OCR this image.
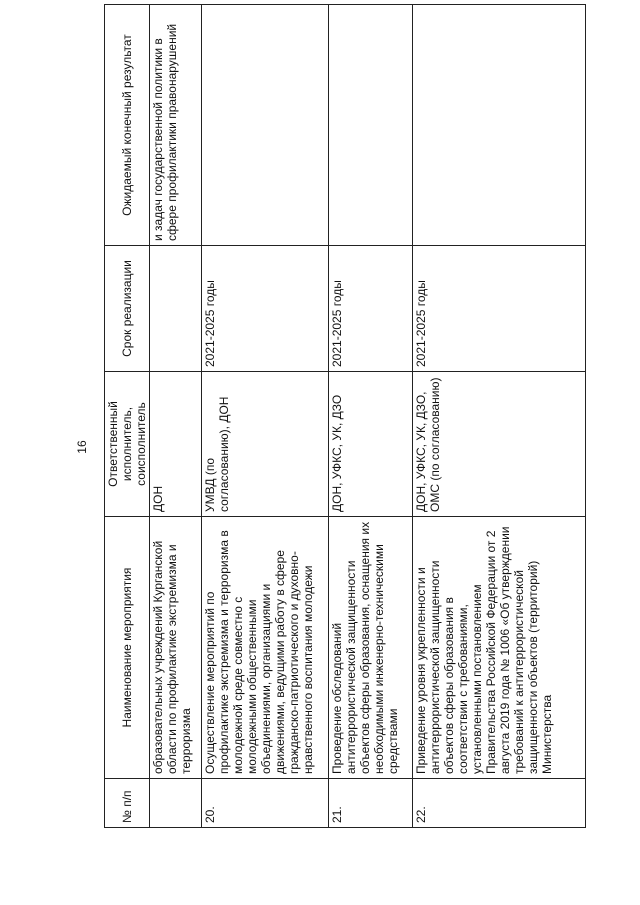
16
№ п/п	Наименование мероприятия	Ответственный исполнитель, соисполнитель	Срок реализации	Ожидаемый конечный результат
	образовательных учреждений Курганской области по профилактике экстремизма и терроризма	ДОН		и задач государственной политики в сфере профилактики правонарушений
20.	Осуществление мероприятий по профилактике экстремизма и терроризма в молодежной среде совместно с молодежными общественными объединениями, организациями и движениями, ведущими работу в сфере гражданско-патриотического и духовно-нравственного воспитания молодежи	УМВД (по согласованию), ДОН	2021-2025 годы	
21.	Проведение обследований антитеррористической защищенности объектов сферы образования, оснащения их необходимыми инженерно-техническими средствами	ДОН, УФКС, УК, ДЗО	2021-2025 годы	
22.	Приведение уровня укрепленности и антитеррористической защищенности объектов сферы образования в соответствии с требованиями, установленными постановлением Правительства Российской Федерации от 2 августа 2019 года № 1006 «Об утверждении требований к антитеррористической защищенности объектов (территорий) Министерства	ДОН, УФКС, УК, ДЗО, ОМС (по согласованию)	2021-2025 годы	
